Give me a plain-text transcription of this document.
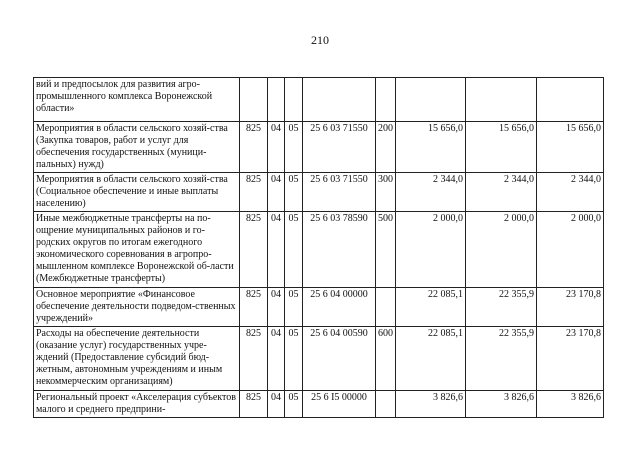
210
вий и предпосылок для развития агро-промышленного комплекса Воронежской области»								
Мероприятия в области сельского хозяй-ства (Закупка товаров, работ и услуг для обеспечения государственных (муници-пальных) нужд)	825	04	05	25 6 03 71550	200	15 656,0	15 656,0	15 656,0
Мероприятия в области сельского хозяй-ства (Социальное обеспечение и иные выплаты населению)	825	04	05	25 6 03 71550	300	2 344,0	2 344,0	2 344,0
Иные межбюджетные трансферты на по-ощрение муниципальных районов и го-родских округов по итогам ежегодного экономического соревнования в агропро-мышленном комплексе Воронежской об-ласти (Межбюджетные трансферты)	825	04	05	25 6 03 78590	500	2 000,0	2 000,0	2 000,0
Основное мероприятие «Финансовое обеспечение деятельности подведом-ственных учреждений»	825	04	05	25 6 04 00000		22 085,1	22 355,9	23 170,8
Расходы на обеспечение деятельности (оказание услуг) государственных учре-ждений (Предоставление субсидий бюд-жетным, автономным учреждениям и иным некоммерческим организациям)	825	04	05	25 6 04 00590	600	22 085,1	22 355,9	23 170,8
Региональный проект «Акселерация субъектов малого и среднего предприни-	825	04	05	25 6 I5 00000		3 826,6	3 826,6	3 826,6
